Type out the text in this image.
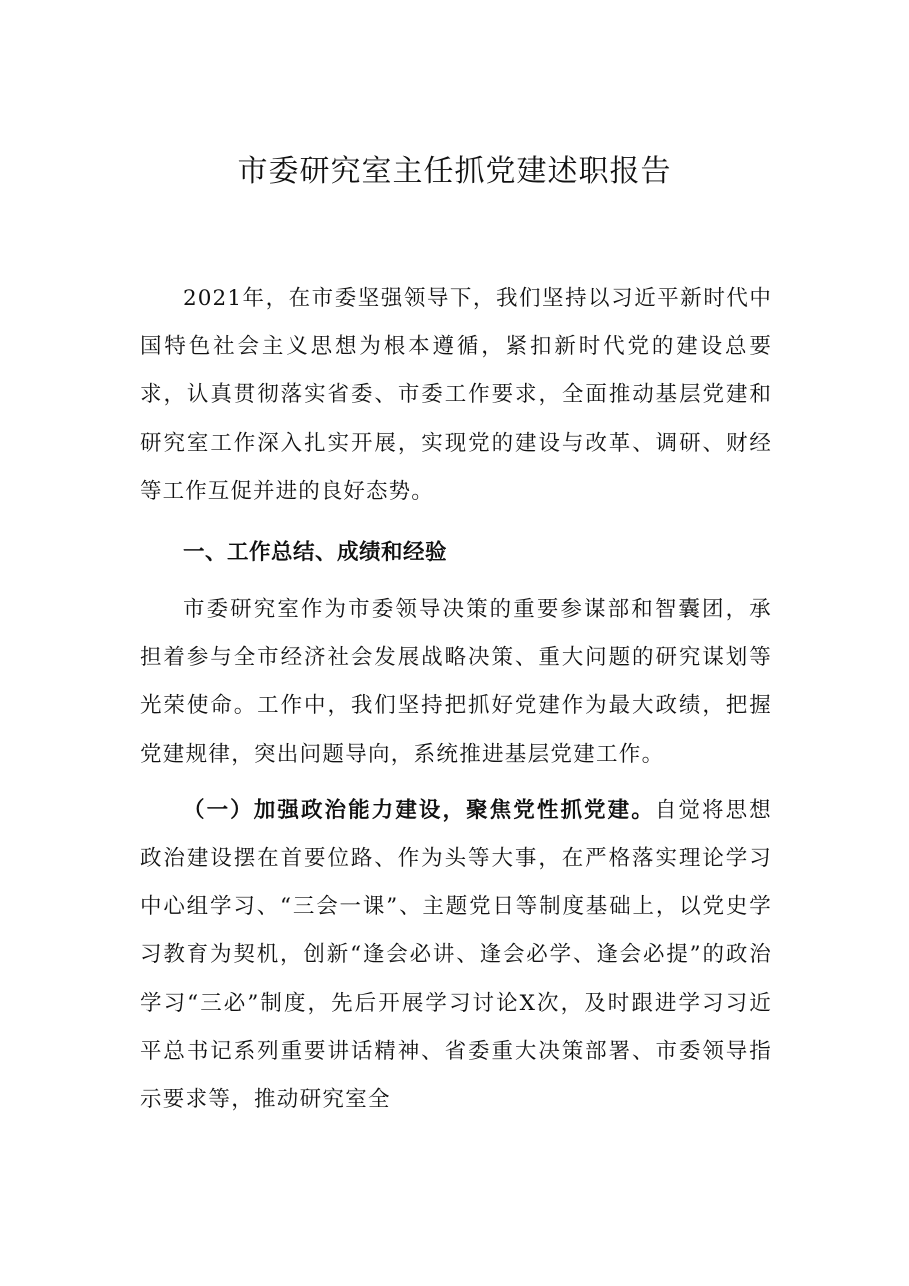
市委研究室主任抓党建述职报告

2021年，在市委坚强领导下，我们坚持以习近平新时代中国特色社会主义思想为根本遵循，紧扣新时代党的建设总要求，认真贯彻落实省委、市委工作要求，全面推动基层党建和研究室工作深入扎实开展，实现党的建设与改革、调研、财经等工作互促并进的良好态势。

一、工作总结、成绩和经验

市委研究室作为市委领导决策的重要参谋部和智囊团，承担着参与全市经济社会发展战略决策、重大问题的研究谋划等光荣使命。工作中，我们坚持把抓好党建作为最大政绩，把握党建规律，突出问题导向，系统推进基层党建工作。

（一）加强政治能力建设，聚焦党性抓党建。自觉将思想政治建设摆在首要位路、作为头等大事，在严格落实理论学习中心组学习、“三会一课”、主题党日等制度基础上，以党史学习教育为契机，创新“逢会必讲、逢会必学、逢会必提”的政治学习“三必”制度，先后开展学习讨论X次，及时跟进学习习近平总书记系列重要讲话精神、省委重大决策部署、市委领导指示要求等，推动研究室全
